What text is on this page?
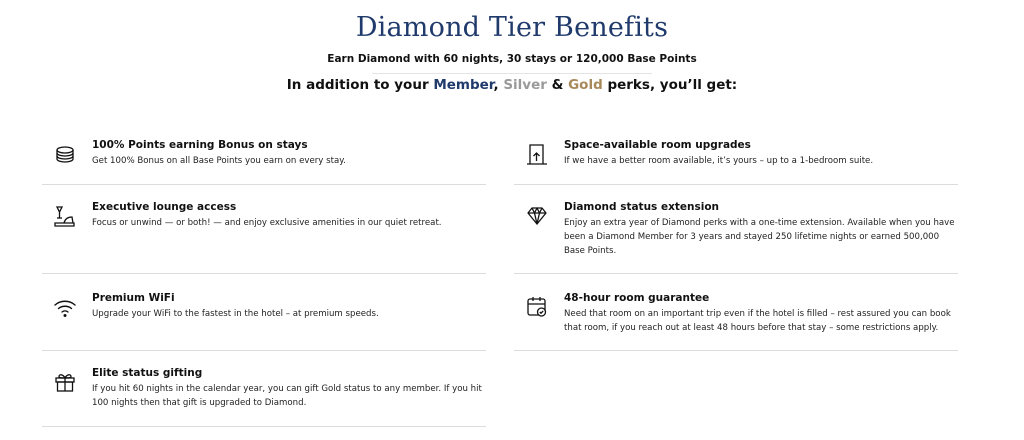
Diamond Tier Benefits
Earn Diamond with 60 nights, 30 stays or 120,000 Base Points
In addition to your Member, Silver & Gold perks, you’ll get:
100% Points earning Bonus on stays
Get 100% Bonus on all Base Points you earn on every stay.
Executive lounge access
Focus or unwind — or both! — and enjoy exclusive amenities in our quiet retreat.
Premium WiFi
Upgrade your WiFi to the fastest in the hotel – at premium speeds.
Elite status gifting
If you hit 60 nights in the calendar year, you can gift Gold status to any member. If you hit 100 nights then that gift is upgraded to Diamond.
Space-available room upgrades
If we have a better room available, it’s yours – up to a 1-bedroom suite.
Diamond status extension
Enjoy an extra year of Diamond perks with a one-time extension. Available when you have been a Diamond Member for 3 years and stayed 250 lifetime nights or earned 500,000 Base Points.
48-hour room guarantee
Need that room on an important trip even if the hotel is filled – rest assured you can book that room, if you reach out at least 48 hours before that stay – some restrictions apply.
